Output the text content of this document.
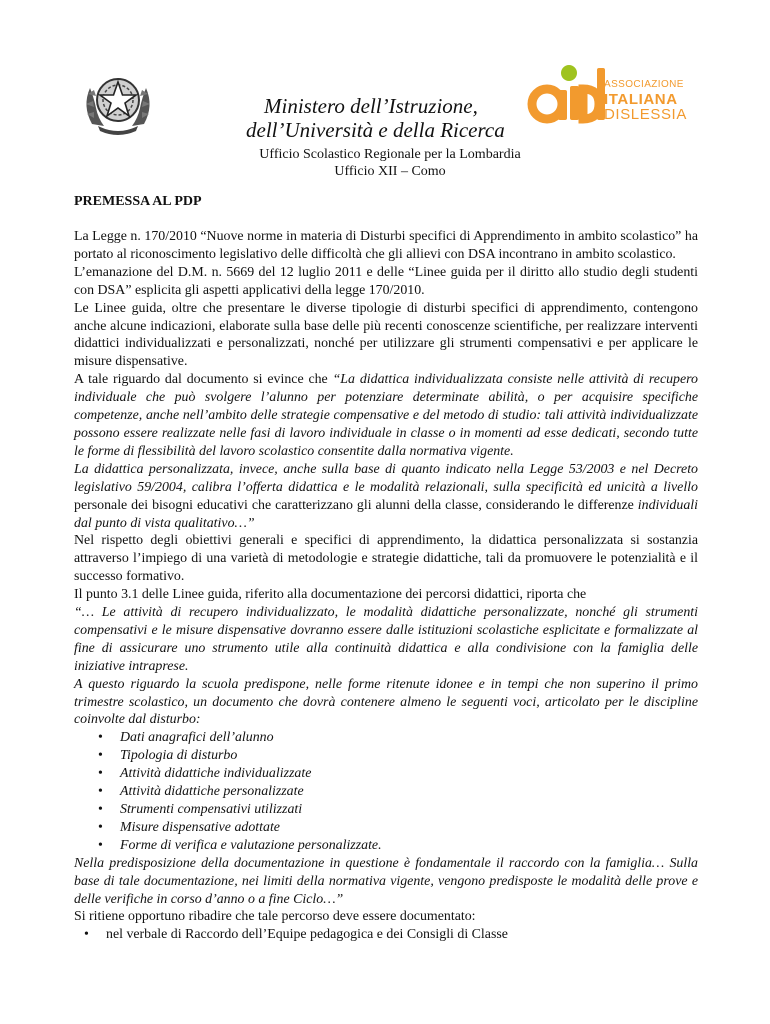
Ministero dell’Istruzione,
dell’Università e della Ricerca
Ufficio Scolastico Regionale per la Lombardia
Ufficio XII – Como
ASSOCIAZIONE
ITALIANA
DISLESSIA
PREMESSA AL PDP

La Legge n. 170/2010 “Nuove norme in materia di Disturbi specifici di Apprendimento in ambito scolastico” ha portato al riconoscimento legislativo delle difficoltà che gli allievi con DSA incontrano in ambito scolastico.

L’emanazione del D.M. n. 5669 del 12 luglio 2011 e delle “Linee guida per il diritto allo studio degli studenti con DSA” esplicita gli aspetti applicativi della legge 170/2010.

Le Linee guida, oltre che presentare le diverse tipologie di disturbi specifici di apprendimento, contengono anche alcune indicazioni, elaborate sulla base delle più recenti conoscenze scientifiche, per realizzare interventi didattici individualizzati e personalizzati, nonché per utilizzare gli strumenti compensativi e per applicare le misure dispensative.

A tale riguardo dal documento si evince che “La didattica individualizzata consiste nelle attività di recupero individuale che può svolgere l’alunno per potenziare determinate abilità, o per acquisire specifiche competenze, anche nell’ambito delle strategie compensative e del metodo di studio: tali attività individualizzate possono essere realizzate nelle fasi di lavoro individuale in classe o in momenti ad esse dedicati, secondo tutte le forme di flessibilità del lavoro scolastico consentite dalla normativa vigente.

La didattica personalizzata, invece, anche sulla base di quanto indicato nella Legge 53/2003 e nel Decreto legislativo 59/2004, calibra l’offerta didattica e le modalità relazionali, sulla specificità ed unicità a livello personale dei bisogni educativi che caratterizzano gli alunni della classe, considerando le differenze individuali dal punto di vista qualitativo…”

Nel rispetto degli obiettivi generali e specifici di apprendimento, la didattica personalizzata si sostanzia attraverso l’impiego di una varietà di metodologie e strategie didattiche, tali da promuovere le potenzialità e il successo formativo.

Il punto 3.1 delle Linee guida, riferito alla documentazione dei percorsi didattici, riporta che

“… Le attività di recupero individualizzato, le modalità didattiche personalizzate, nonché gli strumenti compensativi e le misure dispensative dovranno essere dalle istituzioni scolastiche esplicitate e formalizzate al fine di assicurare uno strumento utile alla continuità didattica e alla condivisione con la famiglia delle iniziative intraprese.

A questo riguardo la scuola predispone, nelle forme ritenute idonee e in tempi che non superino il primo trimestre scolastico, un documento che dovrà contenere almeno le seguenti voci, articolato per le discipline coinvolte dal disturbo:

• Dati anagrafici dell’alunno
• Tipologia di disturbo
• Attività didattiche individualizzate
• Attività didattiche personalizzate
• Strumenti compensativi utilizzati
• Misure dispensative adottate
• Forme di verifica e valutazione personalizzate.

Nella predisposizione della documentazione in questione è fondamentale il raccordo con la famiglia… Sulla base di tale documentazione, nei limiti della normativa vigente, vengono predisposte le modalità delle prove e delle verifiche in corso d’anno o a fine Ciclo…”

Si ritiene opportuno ribadire che tale percorso deve essere documentato:

• nel verbale di Raccordo dell’Equipe pedagogica e dei Consigli di Classe
